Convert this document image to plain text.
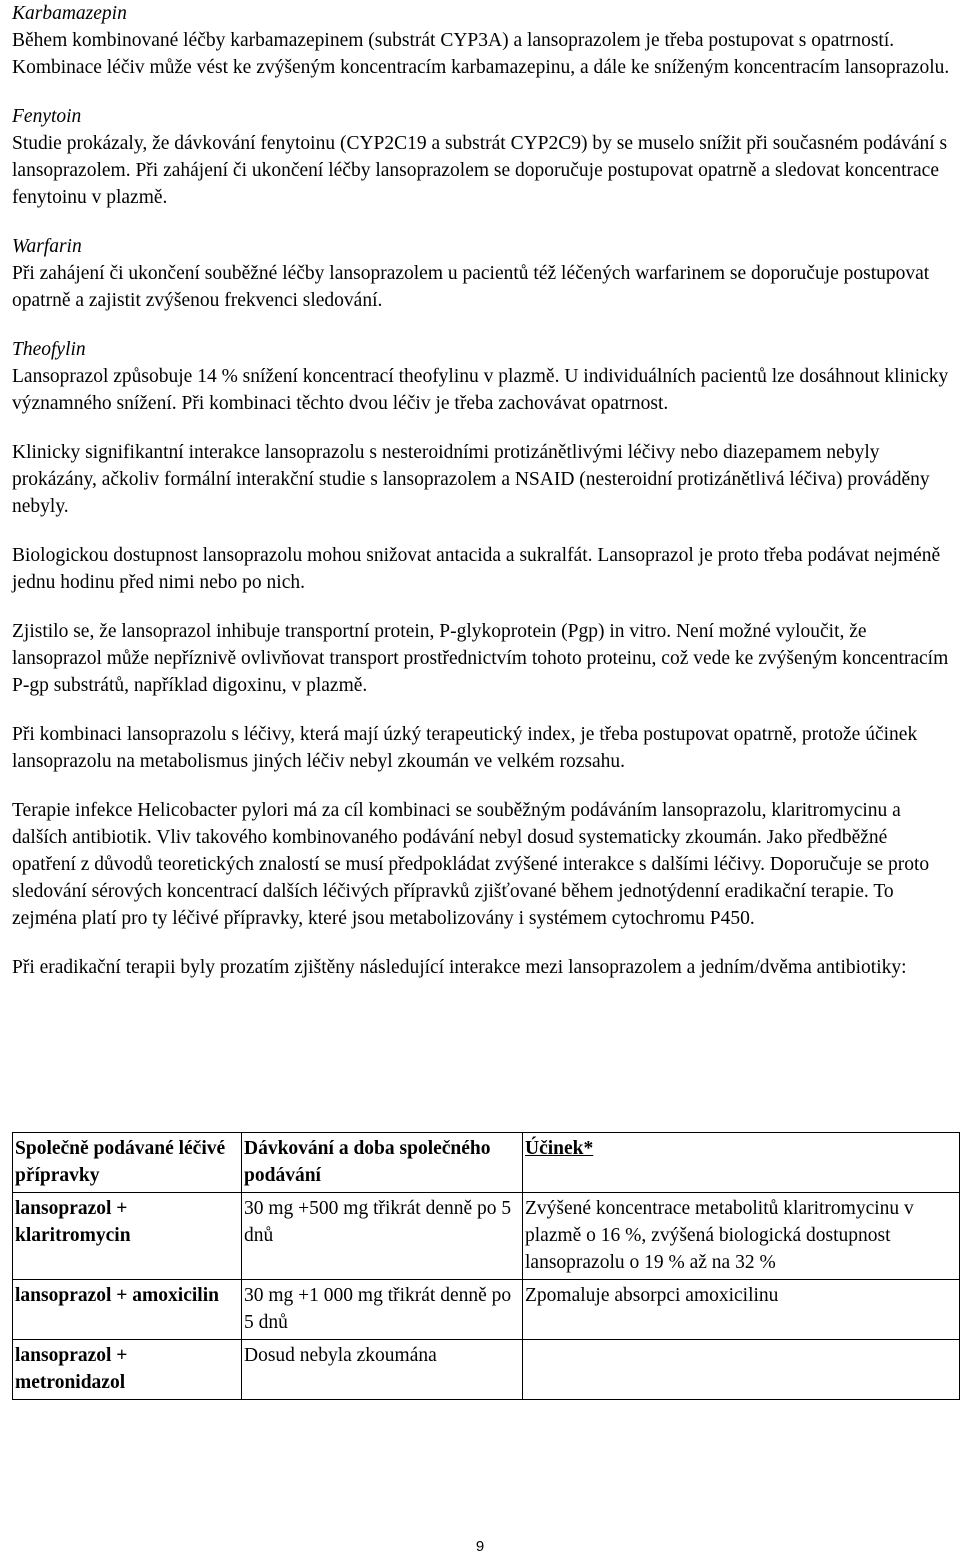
Karbamazepin

Během kombinované léčby karbamazepinem (substrát CYP3A) a lansoprazolem je třeba postupovat s opatrností. Kombinace léčiv může vést ke zvýšeným koncentracím karbamazepinu, a dále ke sníženým koncentracím lansoprazolu.

Fenytoin

Studie prokázaly, že dávkování fenytoinu (CYP2C19 a substrát CYP2C9) by se muselo snížit při současném podávání s lansoprazolem. Při zahájení či ukončení léčby lansoprazolem se doporučuje postupovat opatrně a sledovat koncentrace fenytoinu v plazmě.

Warfarin

Při zahájení či ukončení souběžné léčby lansoprazolem u pacientů též léčených warfarinem se doporučuje postupovat opatrně a zajistit zvýšenou frekvenci sledování.

Theofylin

Lansoprazol způsobuje 14 % snížení koncentrací theofylinu v plazmě. U individuálních pacientů lze dosáhnout klinicky významného snížení. Při kombinaci těchto dvou léčiv je třeba zachovávat opatrnost.

Klinicky signifikantní interakce lansoprazolu s nesteroidními protizánětlivými léčivy nebo diazepamem nebyly prokázány, ačkoliv formální interakční studie s lansoprazolem a NSAID (nesteroidní protizánětlivá léčiva) prováděny nebyly.

Biologickou dostupnost lansoprazolu mohou snižovat antacida a sukralfát. Lansoprazol je proto třeba podávat nejméně jednu hodinu před nimi nebo po nich.

Zjistilo se, že lansoprazol inhibuje transportní protein, P-glykoprotein (Pgp) in vitro. Není možné vyloučit, že lansoprazol může nepříznivě ovlivňovat transport prostřednictvím tohoto proteinu, což vede ke zvýšeným koncentracím P-gp substrátů, například digoxinu, v plazmě.

Při kombinaci lansoprazolu s léčivy, která mají úzký terapeutický index, je třeba postupovat opatrně, protože účinek lansoprazolu na metabolismus jiných léčiv nebyl zkoumán ve velkém rozsahu.

Terapie infekce Helicobacter pylori má za cíl kombinaci se souběžným podáváním lansoprazolu, klaritromycinu a dalších antibiotik. Vliv takového kombinovaného podávání nebyl dosud systematicky zkoumán. Jako předběžné opatření z důvodů teoretických znalostí se musí předpokládat zvýšené interakce s dalšími léčivy. Doporučuje se proto sledování sérových koncentrací dalších léčivých přípravků zjišťované během jednotýdenní eradikační terapie. To zejména platí pro ty léčivé přípravky, které jsou metabolizovány i systémem cytochromu P450.

Při eradikační terapii byly prozatím zjištěny následující interakce mezi lansoprazolem a jedním/dvěma antibiotiky:

Společně podávané léčivé přípravky	Dávkování a doba společného podávání	Účinek*
lansoprazol + klaritromycin	30 mg +500 mg třikrát denně po 5 dnů	Zvýšené koncentrace metabolitů klaritromycinu v plazmě o 16 %, zvýšená biologická dostupnost lansoprazolu o 19 % až na 32 %
lansoprazol + amoxicilin	30 mg +1 000 mg třikrát denně po 5 dnů	Zpomaluje absorpci amoxicilinu
lansoprazol + metronidazol	Dosud nebyla zkoumána	
9
